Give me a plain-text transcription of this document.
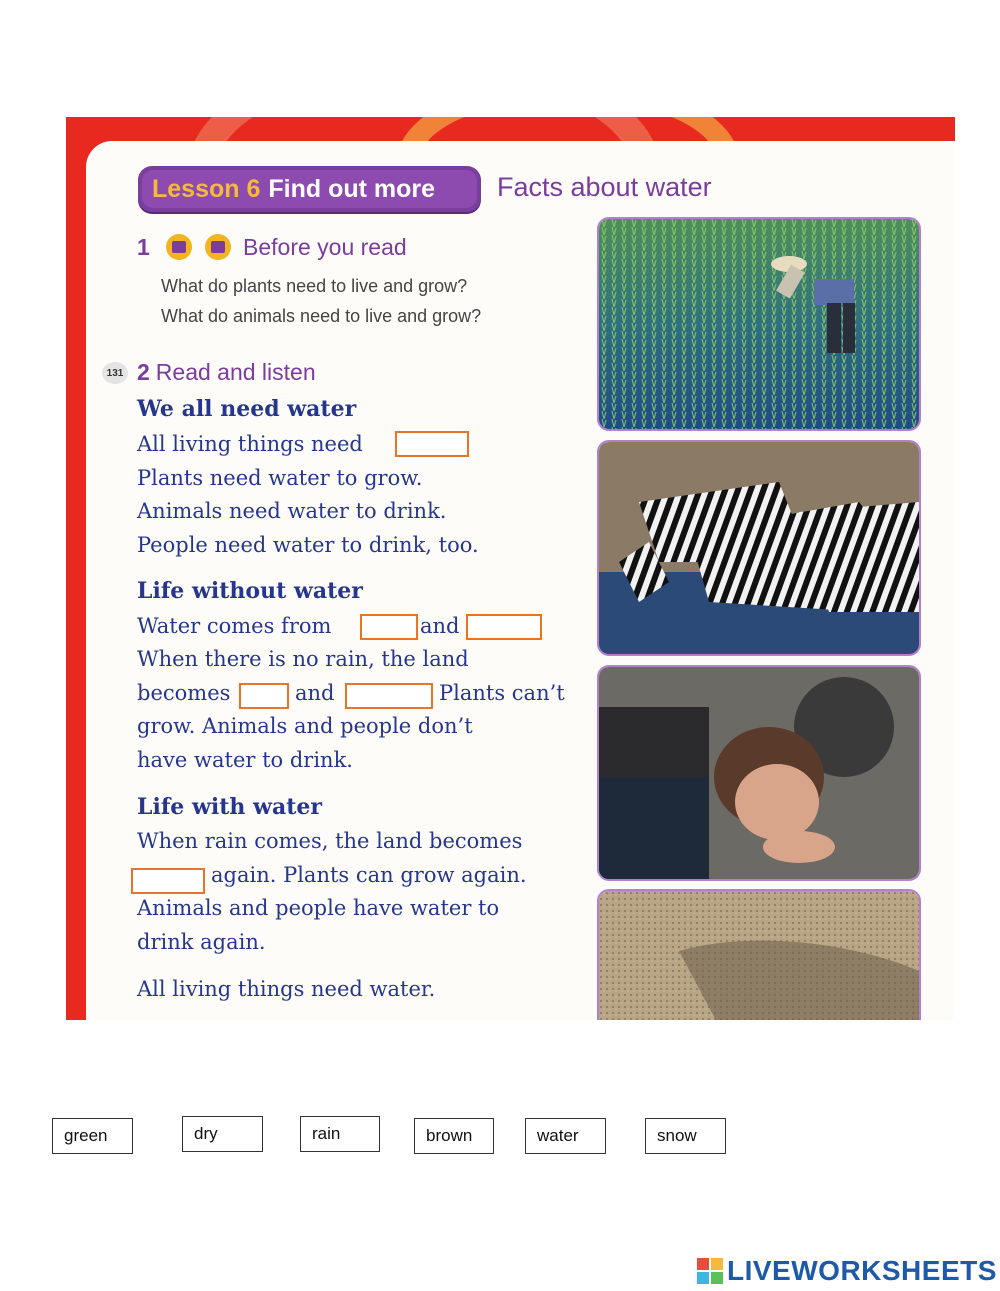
Lesson 6 Find out more Facts about water
1	Before you read
What do plants need to live and grow?
What do animals need to live and grow?
131 2 Read and listen
We all need water
All living things need
Plants need water to grow.
Animals need water to drink.
People need water to drink, too.
Life without water
Water comes from	and
When there is no rain, the land
becomes	and	Plants can’t
grow. Animals and people don’t
have water to drink.
Life with water
When rain comes, the land becomes
again. Plants can grow again.
Animals and people have water to
drink again.
All living things need water.
green	dry	rain	brown	water	snow
LIVEWORKSHEETS
